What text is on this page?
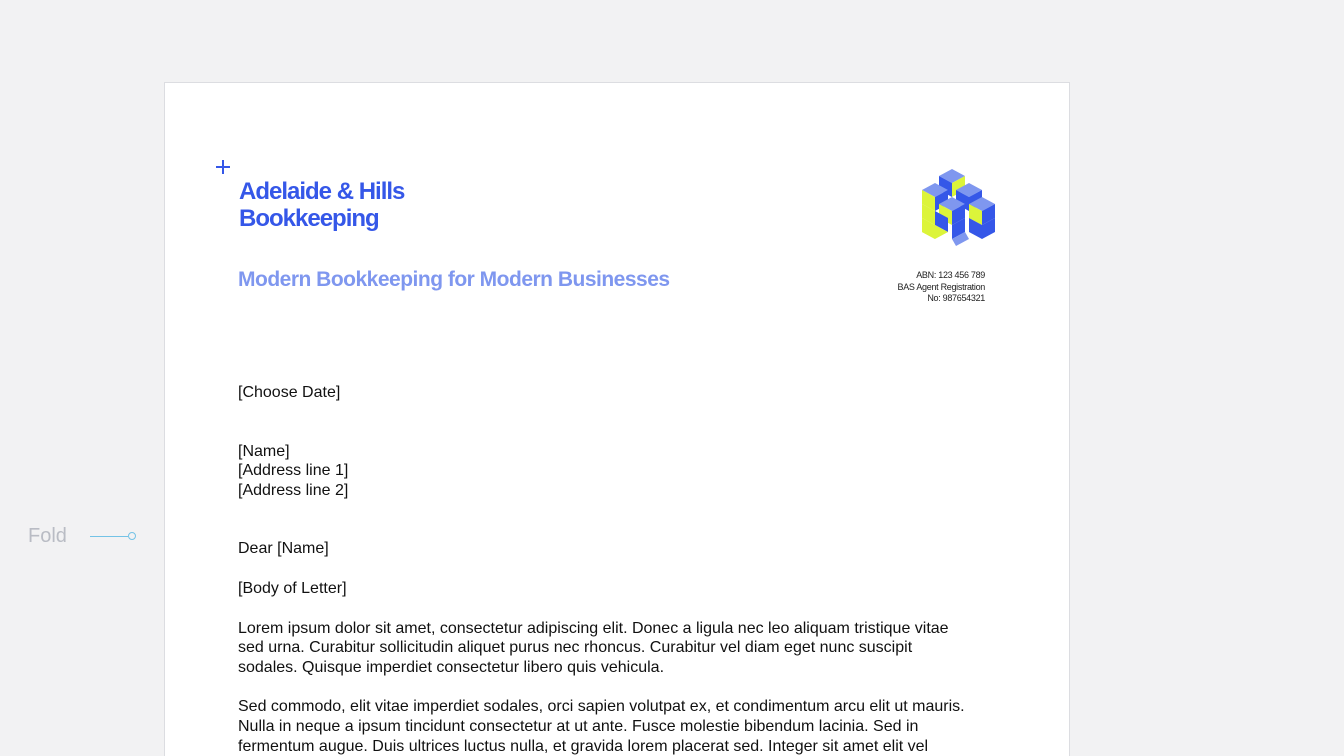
Fold
Adelaide & Hills
Bookkeeping
Modern Bookkeeping for Modern Businesses	ABN: 123 456 789
BAS Agent Registration
No: 987654321

[Choose Date]

[Name]

[Address line 1]

[Address line 2]

Dear [Name]

[Body of Letter]

Lorem ipsum dolor sit amet, consectetur adipiscing elit. Donec a ligula nec leo aliquam tristique vitae
sed urna. Curabitur sollicitudin aliquet purus nec rhoncus. Curabitur vel diam eget nunc suscipit
sodales. Quisque imperdiet consectetur libero quis vehicula.

Sed commodo, elit vitae imperdiet sodales, orci sapien volutpat ex, et condimentum arcu elit ut mauris.
Nulla in neque a ipsum tincidunt consectetur at ut ante. Fusce molestie bibendum lacinia. Sed in
fermentum augue. Duis ultrices luctus nulla, et gravida lorem placerat sed. Integer sit amet elit vel
